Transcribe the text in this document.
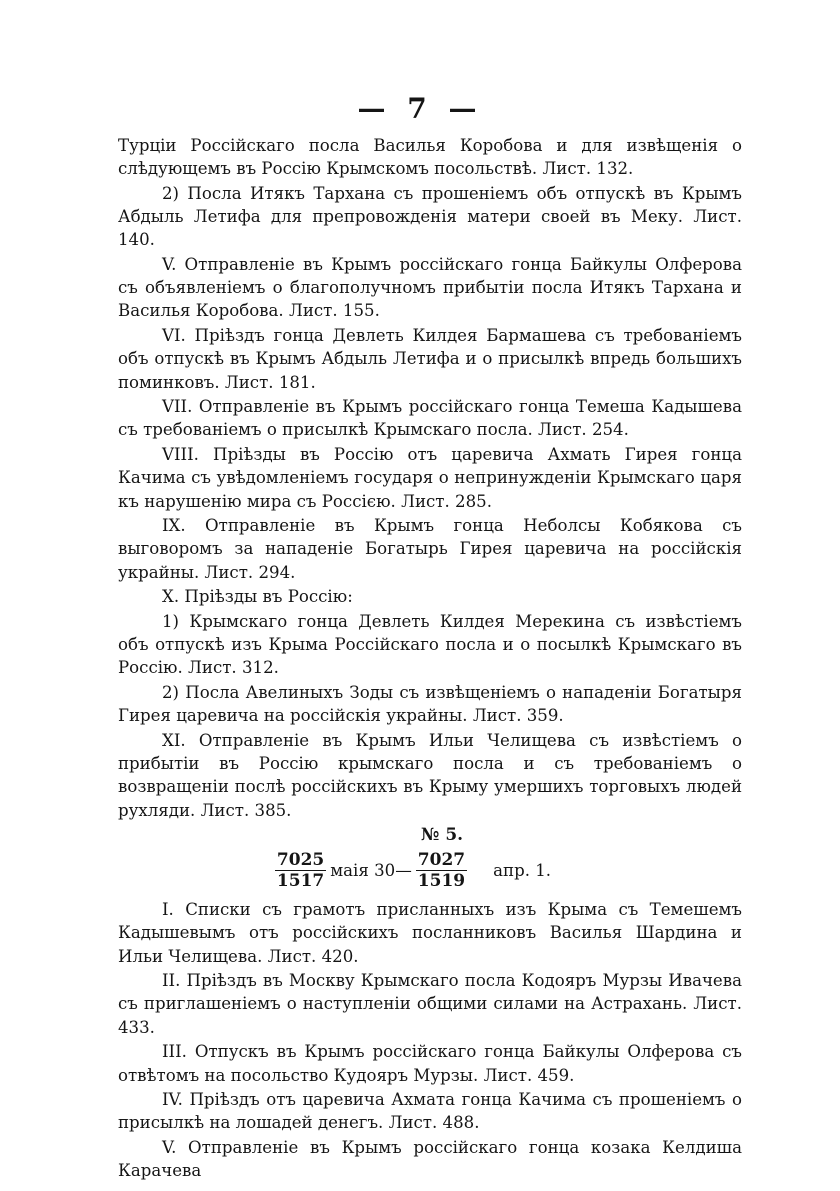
— 7 —

Турціи Россійскаго посла Василья Коробова и для извѣщенія о слѣдующемъ въ Россію Крымскомъ посольствѣ. Лист. 132.

2) Посла Итякъ Тархана съ прошеніемъ объ отпускѣ въ Крымъ Абдыль Летифа для препровожденія матери своей въ Меку. Лист. 140.

V. Отправленіе въ Крымъ россійскаго гонца Байкулы Олферова съ объявленіемъ о благополучномъ прибытіи посла Итякъ Тархана и Василья Коробова. Лист. 155.

VI. Пріѣздъ гонца Девлеть Килдея Бармашева съ требованіемъ объ отпускѣ въ Крымъ Абдыль Летифа и о присылкѣ впредь большихъ поминковъ. Лист. 181.

VII. Отправленіе въ Крымъ россійскаго гонца Темеша Кадышева съ требованіемъ о присылкѣ Крымскаго посла. Лист. 254.

VIII. Пріѣзды въ Россію отъ царевича Ахмать Гирея гонца Качима съ увѣдомленіемъ государя о непринужденіи Крымскаго царя къ нарушенію мира съ Россією. Лист. 285.

IX. Отправленіе въ Крымъ гонца Неболсы Кобякова съ выговоромъ за нападеніе Богатырь Гирея царевича на россійскія украйны. Лист. 294.

X. Пріѣзды въ Россію:

1) Крымскаго гонца Девлеть Килдея Мерекина съ извѣстіемъ объ отпускѣ изъ Крыма Россійскаго посла и о посылкѣ Крымскаго въ Россію. Лист. 312.

2) Посла Авелиныхъ Зоды съ извѣщеніемъ о нападеніи Богатыря Гирея царевича на россійскія украйны. Лист. 359.

XI. Отправленіе въ Крымъ Ильи Челищева съ извѣстіемъ о прибытіи въ Россію крымскаго посла и съ требованіемъ о возвращеніи послѣ россійскихъ въ Крыму умершихъ торговыхъ людей рухляди. Лист. 385.

№ 5.
$\frac{7025}{1517}$ маія 30— $\frac{7027}{1519}$ апр. 1.

I. Списки съ грамотъ присланныхъ изъ Крыма съ Темешемъ Кадышевымъ отъ россійскихъ посланниковъ Василья Шардина и Ильи Челищева. Лист. 420.

II. Пріѣздъ въ Москву Крымскаго посла Кодояръ Мурзы Ивачева съ приглашеніемъ о наступленіи общими силами на Астрахань. Лист. 433.

III. Отпускъ въ Крымъ россійскаго гонца Байкулы Олферова съ отвѣтомъ на посольство Кудояръ Мурзы. Лист. 459.

IV. Пріѣздъ отъ царевича Ахмата гонца Качима съ прошеніемъ о присылкѣ на лошадей денегъ. Лист. 488.

V. Отправленіе въ Крымъ россійскаго гонца козака Келдиша Карачева
